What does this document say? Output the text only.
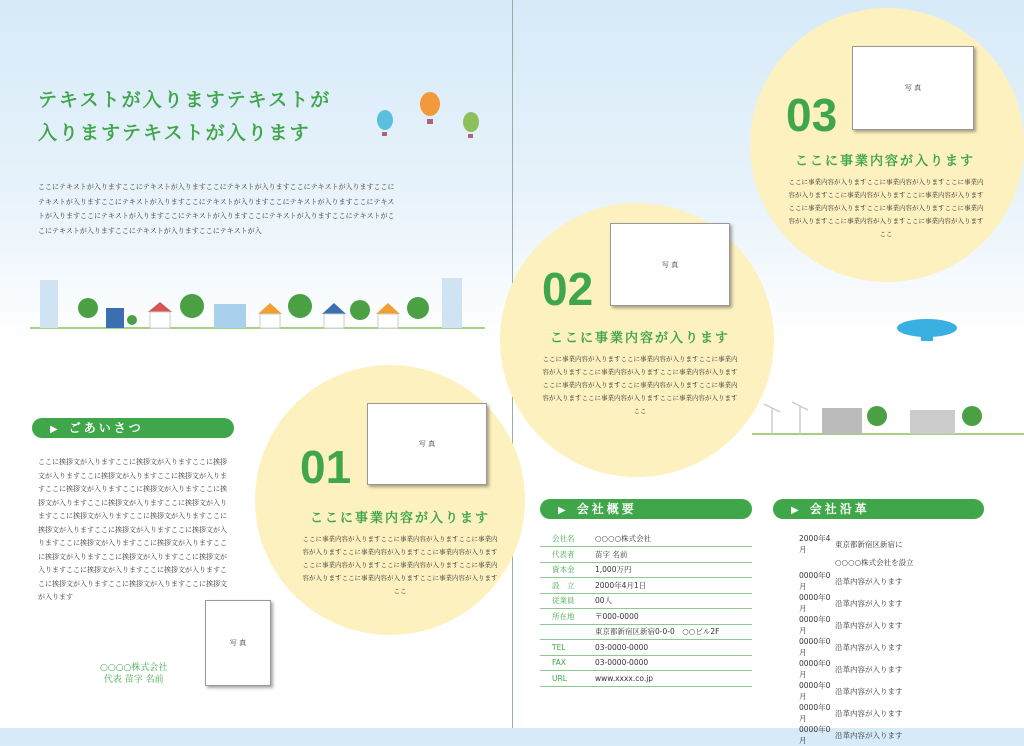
テキストが入りますテキストが
入りますテキストが入ります
ここにテキストが入りますここにテキストが入りますここにテキストが入りますここにテキストが入りますここにテキストが入りますここにテキストが入りますここにテキストが入りますここにテキストが入りますここにテキストが入りますここにテキストが入りますここにテキストが入りますここにテキストが入りますここにテキストがここにテキストが入りますここにテキストが入りますここにテキストが入
▶ ごあいさつ
ここに挨拶文が入りますここに挨拶文が入りますここに挨拶文が入りますここに挨拶文が入りますここに挨拶文が入りますここに挨拶文が入りますここに挨拶文が入りますここに挨拶文が入りますここに挨拶文が入りますここに挨拶文が入りますここに挨拶文が入りますここに挨拶文が入りますここに挨拶文が入りますここに挨拶文が入りますここに挨拶文が入りますここに挨拶文が入りますここに挨拶文が入りますここに挨拶文が入りますここに挨拶文が入りますここに挨拶文が入りますここに挨拶文が入りますここに挨拶文が入りますここに挨拶文が入りますここに挨拶文が入りますここに挨拶文が入ります
写 真
○○○○株式会社
代表 苗字 名前
写 真
01
ここに事業内容が入ります
ここに事業内容が入りますここに事業内容が入りますここに事業内容が入りますここに事業内容が入りますここに事業内容が入りますここに事業内容が入りますここに事業内容が入りますここに事業内容が入りますここに事業内容が入りますここに事業内容が入りますここ
写 真
02
ここに事業内容が入ります
ここに事業内容が入りますここに事業内容が入りますここに事業内容が入りますここに事業内容が入りますここに事業内容が入りますここに事業内容が入りますここに事業内容が入りますここに事業内容が入りますここに事業内容が入りますここに事業内容が入りますここ
写 真
03
ここに事業内容が入ります
ここに事業内容が入りますここに事業内容が入りますここに事業内容が入りますここに事業内容が入りますここに事業内容が入りますここに事業内容が入りますここに事業内容が入りますここに事業内容が入りますここに事業内容が入りますここに事業内容が入りますここ
▶ 会社概要
会社名	○○○○株式会社
代表者	苗字 名前
資本金	1,000万円
設　立	2000年4月1日
従業員	00人
所在地	〒000-0000
	東京都新宿区新宿0-0-0　○○ビル2F
TEL	03-0000-0000
FAX	03-0000-0000
URL	www.xxxx.co.jp
▶ 会社沿革
2000年4月	東京都新宿区新宿に
	○○○○株式会社を設立
0000年0月	沿革内容が入ります
0000年0月	沿革内容が入ります
0000年0月	沿革内容が入ります
0000年0月	沿革内容が入ります
0000年0月	沿革内容が入ります
0000年0月	沿革内容が入ります
0000年0月	沿革内容が入ります
0000年0月	沿革内容が入ります
